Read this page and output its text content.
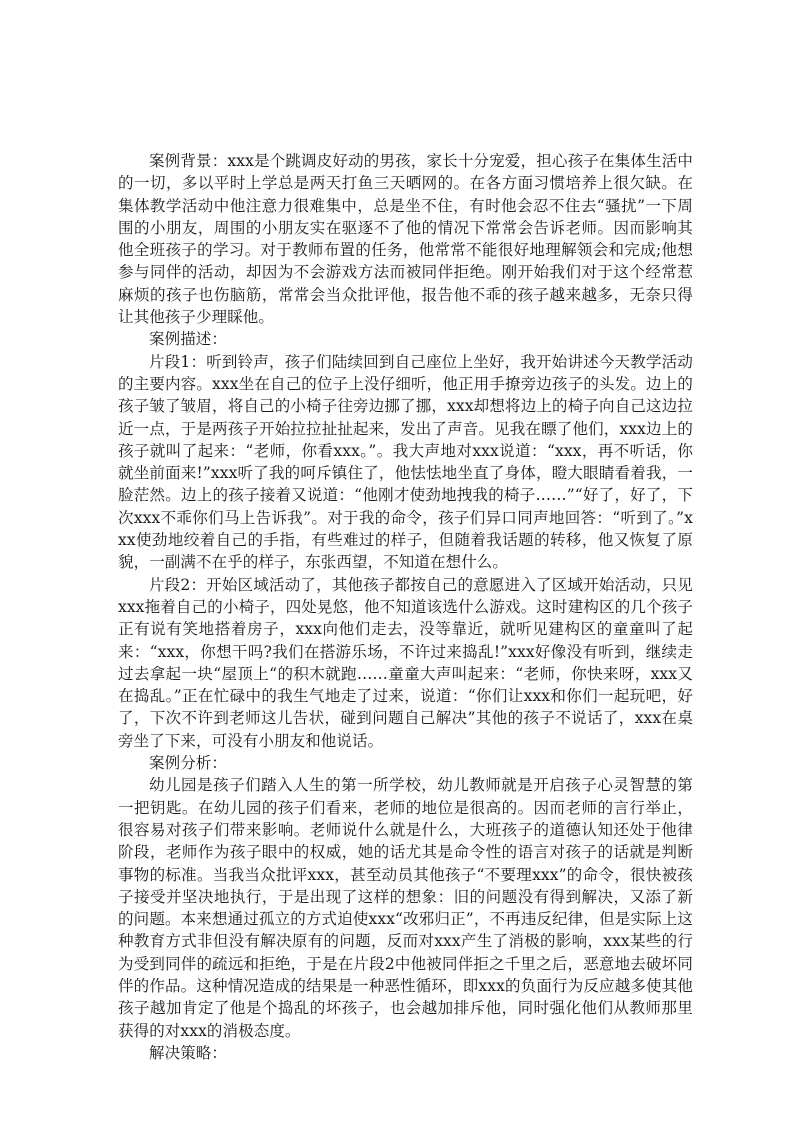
案例背景：xxx是个跳调皮好动的男孩，家长十分宠爱，担心孩子在集体生活中的一切，多以平时上学总是两天打鱼三天晒网的。在各方面习惯培养上很欠缺。在集体教学活动中他注意力很难集中，总是坐不住，有时他会忍不住去“骚扰”一下周围的小朋友，周围的小朋友实在驱逐不了他的情况下常常会告诉老师。因而影响其他全班孩子的学习。对于教师布置的任务，他常常不能很好地理解领会和完成;他想参与同伴的活动，却因为不会游戏方法而被同伴拒绝。刚开始我们对于这个经常惹麻烦的孩子也伤脑筋，常常会当众批评他，报告他不乖的孩子越来越多，无奈只得让其他孩子少理睬他。

案例描述：

片段1：听到铃声，孩子们陆续回到自己座位上坐好，我开始讲述今天教学活动的主要内容。xxx坐在自己的位子上没仔细听，他正用手撩旁边孩子的头发。边上的孩子皱了皱眉，将自己的小椅子往旁边挪了挪，xxx却想将边上的椅子向自己这边拉近一点，于是两孩子开始拉拉扯扯起来，发出了声音。见我在瞟了他们，xxx边上的孩子就叫了起来：“老师，你看xxx。”。我大声地对xxx说道：“xxx，再不听话，你就坐前面来!”xxx听了我的呵斥镇住了，他怯怯地坐直了身体，瞪大眼睛看着我，一脸茫然。边上的孩子接着又说道：“他刚才使劲地拽我的椅子……”“好了，好了，下次xxx不乖你们马上告诉我”。对于我的命令，孩子们异口同声地回答：“听到了。”xxx使劲地绞着自己的手指，有些难过的样子，但随着我话题的转移，他又恢复了原貌，一副满不在乎的样子，东张西望，不知道在想什么。

片段2：开始区域活动了，其他孩子都按自己的意愿进入了区域开始活动，只见xxx拖着自己的小椅子，四处晃悠，他不知道该选什么游戏。这时建构区的几个孩子正有说有笑地搭着房子，xxx向他们走去，没等靠近，就听见建构区的童童叫了起来：“xxx，你想干吗?我们在搭游乐场，不许过来捣乱!”xxx好像没有听到，继续走过去拿起一块“屋顶上“的积木就跑……童童大声叫起来：“老师，你快来呀，xxx又在捣乱。”正在忙碌中的我生气地走了过来，说道：“你们让xxx和你们一起玩吧，好了，下次不许到老师这儿告状，碰到问题自己解决”其他的孩子不说话了，xxx在桌旁坐了下来，可没有小朋友和他说话。

案例分析：

幼儿园是孩子们踏入人生的第一所学校，幼儿教师就是开启孩子心灵智慧的第一把钥匙。在幼儿园的孩子们看来，老师的地位是很高的。因而老师的言行举止，很容易对孩子们带来影响。老师说什么就是什么，大班孩子的道德认知还处于他律阶段，老师作为孩子眼中的权威，她的话尤其是命令性的语言对孩子的话就是判断事物的标准。当我当众批评xxx，甚至动员其他孩子“不要理xxx”的命令，很快被孩子接受并坚决地执行，于是出现了这样的想象：旧的问题没有得到解决，又添了新的问题。本来想通过孤立的方式迫使xxx“改邪归正”，不再违反纪律，但是实际上这种教育方式非但没有解决原有的问题，反而对xxx产生了消极的影响，xxx某些的行为受到同伴的疏远和拒绝，于是在片段2中他被同伴拒之千里之后，恶意地去破坏同伴的作品。这种情况造成的结果是一种恶性循环，即xxx的负面行为反应越多使其他孩子越加肯定了他是个捣乱的坏孩子，也会越加排斥他，同时强化他们从教师那里获得的对xxx的消极态度。

解决策略：
